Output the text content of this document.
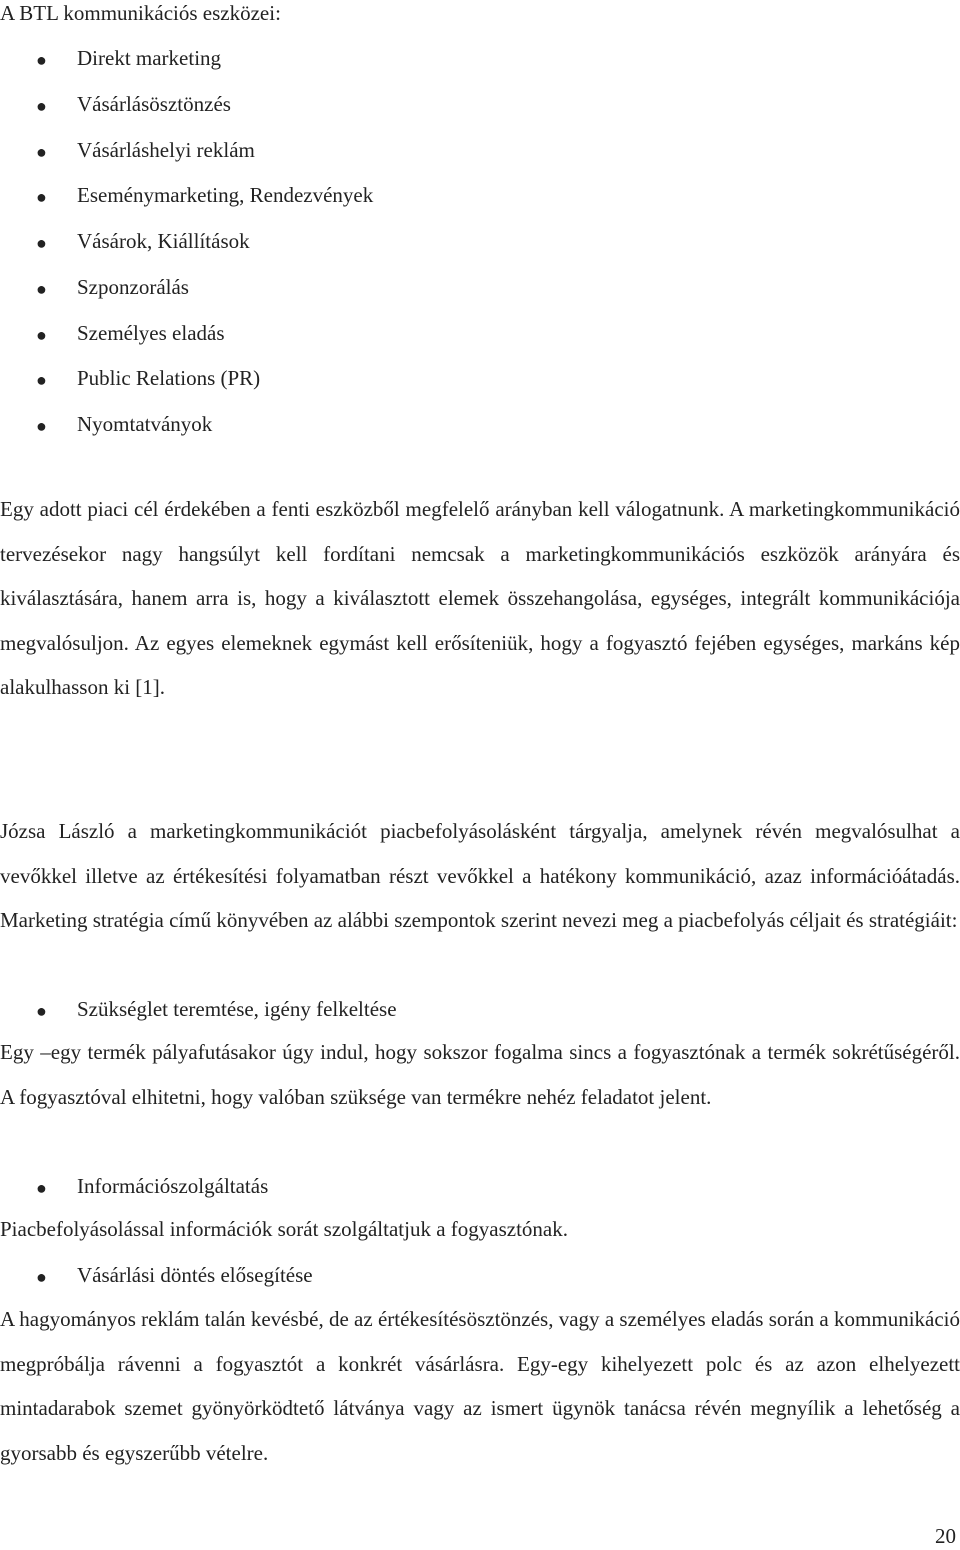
A BTL kommunikációs eszközei:
● Direkt marketing
● Vásárlásösztönzés
● Vásárláshelyi reklám
● Eseménymarketing, Rendezvények
● Vásárok, Kiállítások
● Szponzorálás
● Személyes eladás
● Public Relations (PR)
● Nyomtatványok

Egy adott piaci cél érdekében a fenti eszközből megfelelő arányban kell válogatnunk. A marketingkommunikáció tervezésekor nagy hangsúlyt kell fordítani nemcsak a marketingkommunikációs eszközök arányára és kiválasztására, hanem arra is, hogy a kiválasztott elemek összehangolása, egységes, integrált kommunikációja megvalósuljon. Az egyes elemeknek egymást kell erősíteniük, hogy a fogyasztó fejében egységes, markáns kép alakulhasson ki [1].

Józsa László a marketingkommunikációt piacbefolyásolásként tárgyalja, amelynek révén megvalósulhat a vevőkkel illetve az értékesítési folyamatban részt vevőkkel a hatékony kommunikáció, azaz információátadás. Marketing stratégia című könyvében az alábbi szempontok szerint nevezi meg a piacbefolyás céljait és stratégiáit:

● Szükséglet teremtése, igény felkeltése

Egy –egy termék pályafutásakor úgy indul, hogy sokszor fogalma sincs a fogyasztónak a termék sokrétűségéről. A fogyasztóval elhitetni, hogy valóban szüksége van termékre nehéz feladatot jelent.

● Információszolgáltatás

Piacbefolyásolással információk sorát szolgáltatjuk a fogyasztónak.

● Vásárlási döntés elősegítése

A hagyományos reklám talán kevésbé, de az értékesítésösztönzés, vagy a személyes eladás során a kommunikáció megpróbálja rávenni a fogyasztót a konkrét vásárlásra. Egy-egy kihelyezett polc és az azon elhelyezett mintadarabok szemet gyönyörködtető látványa vagy az ismert ügynök tanácsa révén megnyílik a lehetőség a gyorsabb és egyszerűbb vételre.

20
